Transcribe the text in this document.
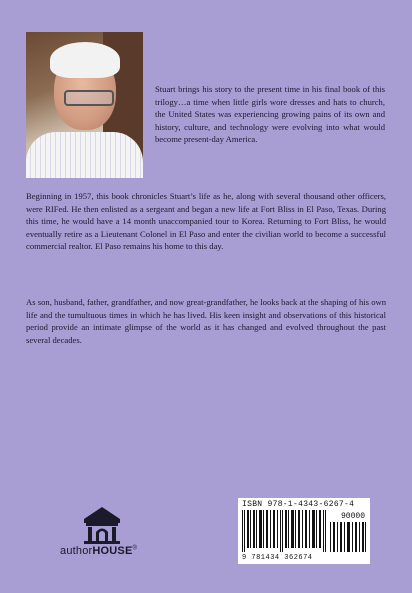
Stuart brings his story to the present time in his final book of this trilogy…a time when little girls wore dresses and hats to church, the United States was experiencing growing pains of its own and history, culture, and technology were evolving into what would become present-day America.
Beginning in 1957, this book chronicles Stuart’s life as he, along with several thousand other officers, were RIFed. He then enlisted as a sergeant and began a new life at Fort Bliss in El Paso, Texas. During this time, he would have a 14 month unaccompanied tour to Korea. Returning to Fort Bliss, he would eventually retire as a Lieutenant Colonel in El Paso and enter the civilian world to become a successful commercial realtor. El Paso remains his home to this day.
As son, husband, father, grandfather, and now great-grandfather, he looks back at the shaping of his own life and the tumultuous times in which he has lived. His keen insight and observations of this historical period provide an intimate glimpse of the world as it has changed and evolved throughout the past several decades.
authorHOUSE®
ISBN 978-1-4343-6267-4
90000
9 781434 362674
